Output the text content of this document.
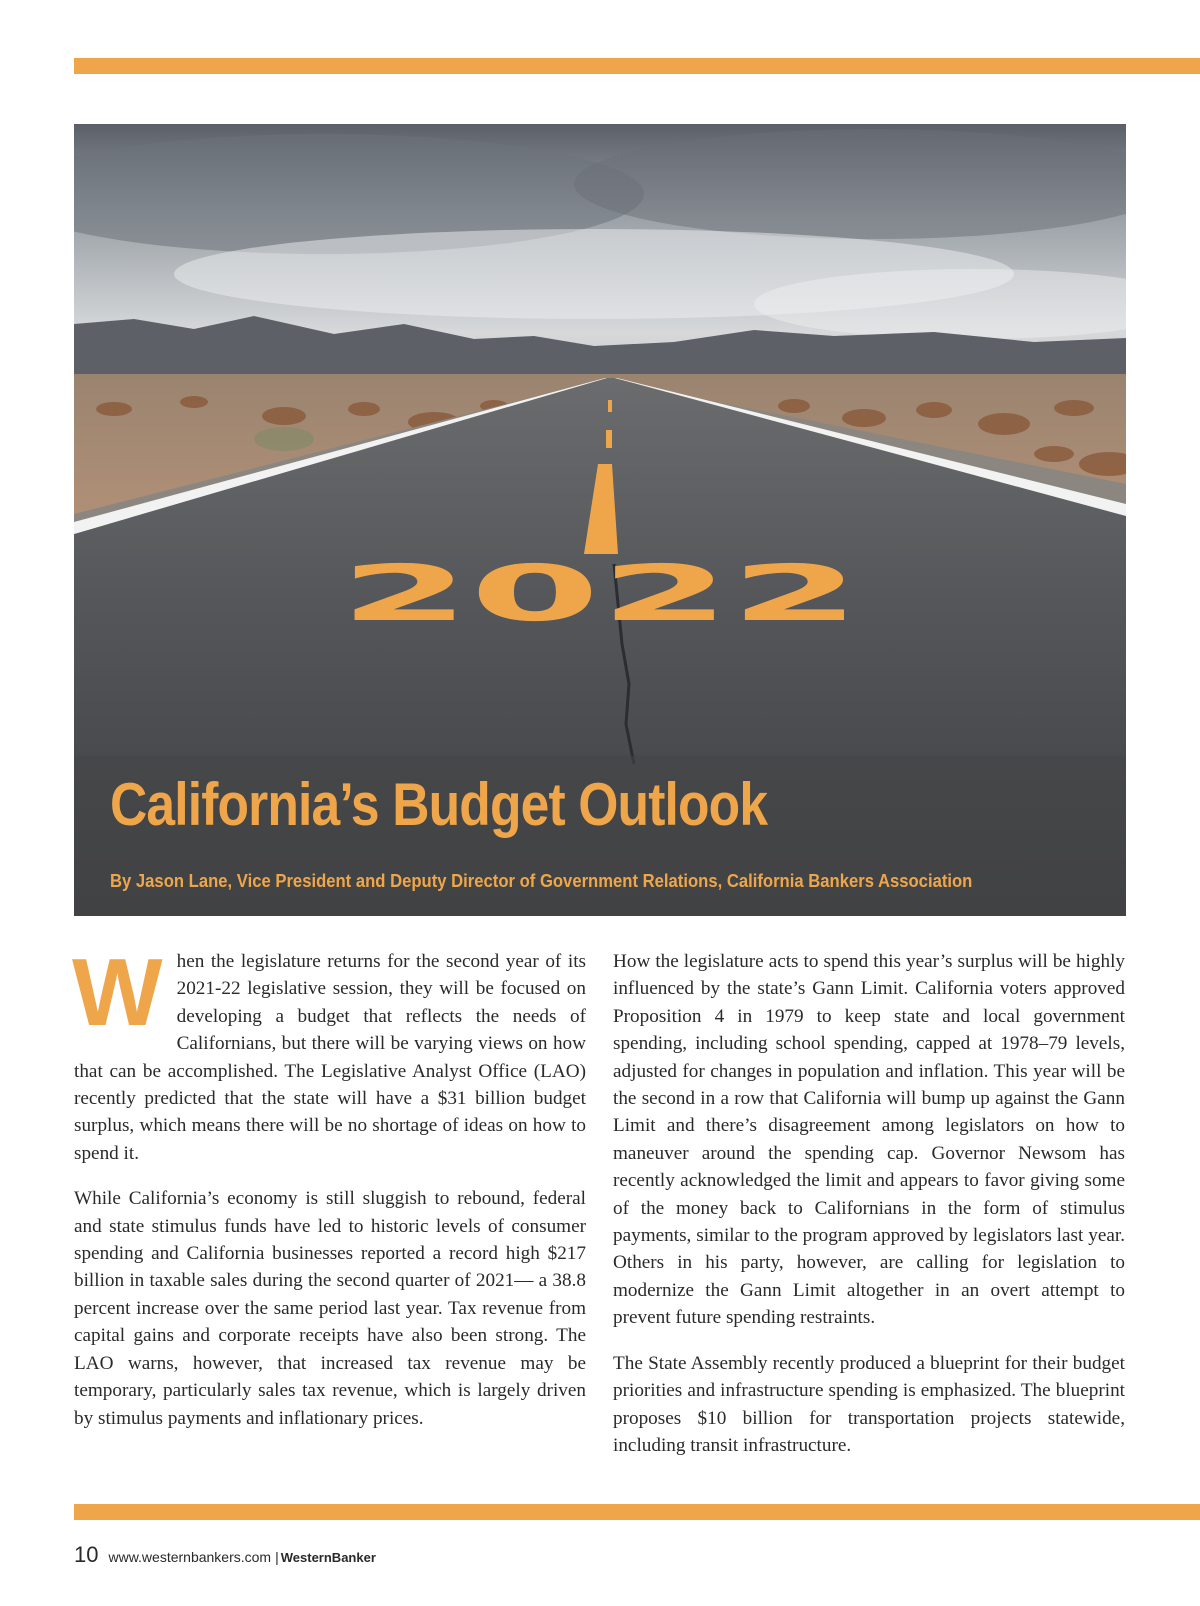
2022
California’s Budget Outlook
By Jason Lane, Vice President and Deputy Director of Government Relations, California Bankers Association

When the legislature returns for the second year of its 2021-22 legislative session, they will be focused on developing a budget that reflects the needs of Californians, but there will be varying views on how that can be accomplished. The Legislative Analyst Office (LAO) recently predicted that the state will have a $31 billion budget surplus, which means there will be no shortage of ideas on how to spend it.

While California’s economy is still sluggish to rebound, federal and state stimulus funds have led to historic levels of consumer spending and California businesses reported a record high $217 billion in taxable sales during the second quarter of 2021— a 38.8 percent increase over the same period last year. Tax revenue from capital gains and corporate receipts have also been strong. The LAO warns, however, that increased tax revenue may be temporary, particularly sales tax revenue, which is largely driven by stimulus payments and inflationary prices.

How the legislature acts to spend this year’s surplus will be highly influenced by the state’s Gann Limit. California voters approved Proposition 4 in 1979 to keep state and local government spending, including school spending, capped at 1978–79 levels, adjusted for changes in population and inflation. This year will be the second in a row that California will bump up against the Gann Limit and there’s disagreement among legislators on how to maneuver around the spending cap. Governor Newsom has recently acknowledged the limit and appears to favor giving some of the money back to Californians in the form of stimulus payments, similar to the program approved by legislators last year. Others in his party, however, are calling for legislation to modernize the Gann Limit altogether in an overt attempt to prevent future spending restraints.

The State Assembly recently produced a blueprint for their budget priorities and infrastructure spending is emphasized. The blueprint proposes $10 billion for transportation projects statewide, including transit infrastructure.

10 www.westernbankers.com | WesternBanker
